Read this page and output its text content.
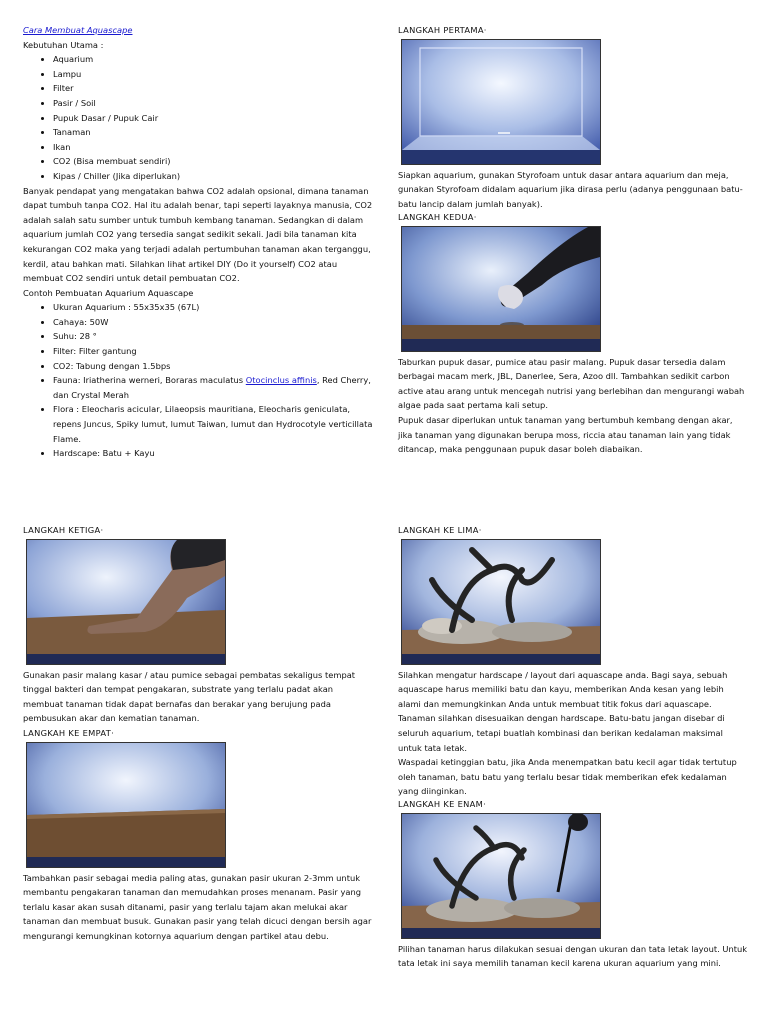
Cara Membuat Aquascape

Kebutuhan Utama :

• Aquarium
• Lampu
• Filter
• Pasir / Soil
• Pupuk Dasar / Pupuk Cair
• Tanaman
• Ikan
• CO2 (Bisa membuat sendiri)
• Kipas / Chiller (Jika diperlukan)

Banyak pendapat yang mengatakan bahwa CO2 adalah opsional, dimana tanaman dapat tumbuh tanpa CO2. Hal itu adalah benar, tapi seperti layaknya manusia, CO2 adalah salah satu sumber untuk tumbuh kembang tanaman. Sedangkan di dalam aquarium jumlah CO2 yang tersedia sangat sedikit sekali. Jadi bila tanaman kita kekurangan CO2 maka yang terjadi adalah pertumbuhan tanaman akan terganggu, kerdil, atau bahkan mati. Silahkan lihat artikel DIY (Do it yourself) CO2 atau membuat CO2 sendiri untuk detail pembuatan CO2.

Contoh Pembuatan Aquarium Aquascape

• Ukuran Aquarium : 55x35x35 (67L)
• Cahaya: 50W
• Suhu: 28 °
• Filter: Filter gantung
• CO2: Tabung dengan 1.5bps
• Fauna: Iriatherina werneri, Boraras maculatus Otocinclus affinis, Red Cherry, dan Crystal Merah
• Flora : Eleocharis acicular, Lilaeopsis mauritiana, Eleocharis geniculata, repens Juncus, Spiky lumut, lumut Taiwan, lumut dan Hydrocotyle verticillata Flame.
• Hardscape: Batu + Kayu

LANGKAH PERTAMA·

Siapkan aquarium, gunakan Styrofoam untuk dasar antara aquarium dan meja, gunakan Styrofoam didalam aquarium jika dirasa perlu (adanya penggunaan batu-batu lancip dalam jumlah banyak).

LANGKAH KEDUA·

Taburkan pupuk dasar, pumice atau pasir malang. Pupuk dasar tersedia dalam berbagai macam merk, JBL, Danerlee, Sera, Azoo dll. Tambahkan sedikit carbon active atau arang untuk mencegah nutrisi yang berlebihan dan mengurangi wabah algae pada saat pertama kali setup.

Pupuk dasar diperlukan untuk tanaman yang bertumbuh kembang dengan akar, jika tanaman yang digunakan berupa moss, riccia atau tanaman lain yang tidak ditancap, maka penggunaan pupuk dasar boleh diabaikan.

LANGKAH KETIGA·

Gunakan pasir malang kasar / atau pumice sebagai pembatas sekaligus tempat tinggal bakteri dan tempat pengakaran, substrate yang terlalu padat akan membuat tanaman tidak dapat bernafas dan berakar yang berujung pada pembusukan akar dan kematian tanaman.

LANGKAH KE EMPAT·

Tambahkan pasir sebagai media paling atas, gunakan pasir ukuran 2-3mm untuk membantu pengakaran tanaman dan memudahkan proses menanam. Pasir yang terlalu kasar akan susah ditanami, pasir yang terlalu tajam akan melukai akar tanaman dan membuat busuk. Gunakan pasir yang telah dicuci dengan bersih agar mengurangi kemungkinan kotornya aquarium dengan partikel atau debu.

LANGKAH KE LIMA·

Silahkan mengatur hardscape / layout dari aquascape anda. Bagi saya, sebuah aquascape harus memiliki batu dan kayu, memberikan Anda kesan yang lebih alami dan memungkinkan Anda untuk membuat titik fokus dari aquascape.

Tanaman silahkan disesuaikan dengan hardscape. Batu-batu jangan disebar di seluruh aquarium, tetapi buatlah kombinasi dan berikan kedalaman maksimal untuk tata letak.

Waspadai ketinggian batu, jika Anda menempatkan batu kecil agar tidak tertutup oleh tanaman, batu batu yang terlalu besar tidak memberikan efek kedalaman yang diinginkan.

LANGKAH KE ENAM·

Pilihan tanaman harus dilakukan sesuai dengan ukuran dan tata letak layout. Untuk tata letak ini saya memilih tanaman kecil karena ukuran aquarium yang mini.
